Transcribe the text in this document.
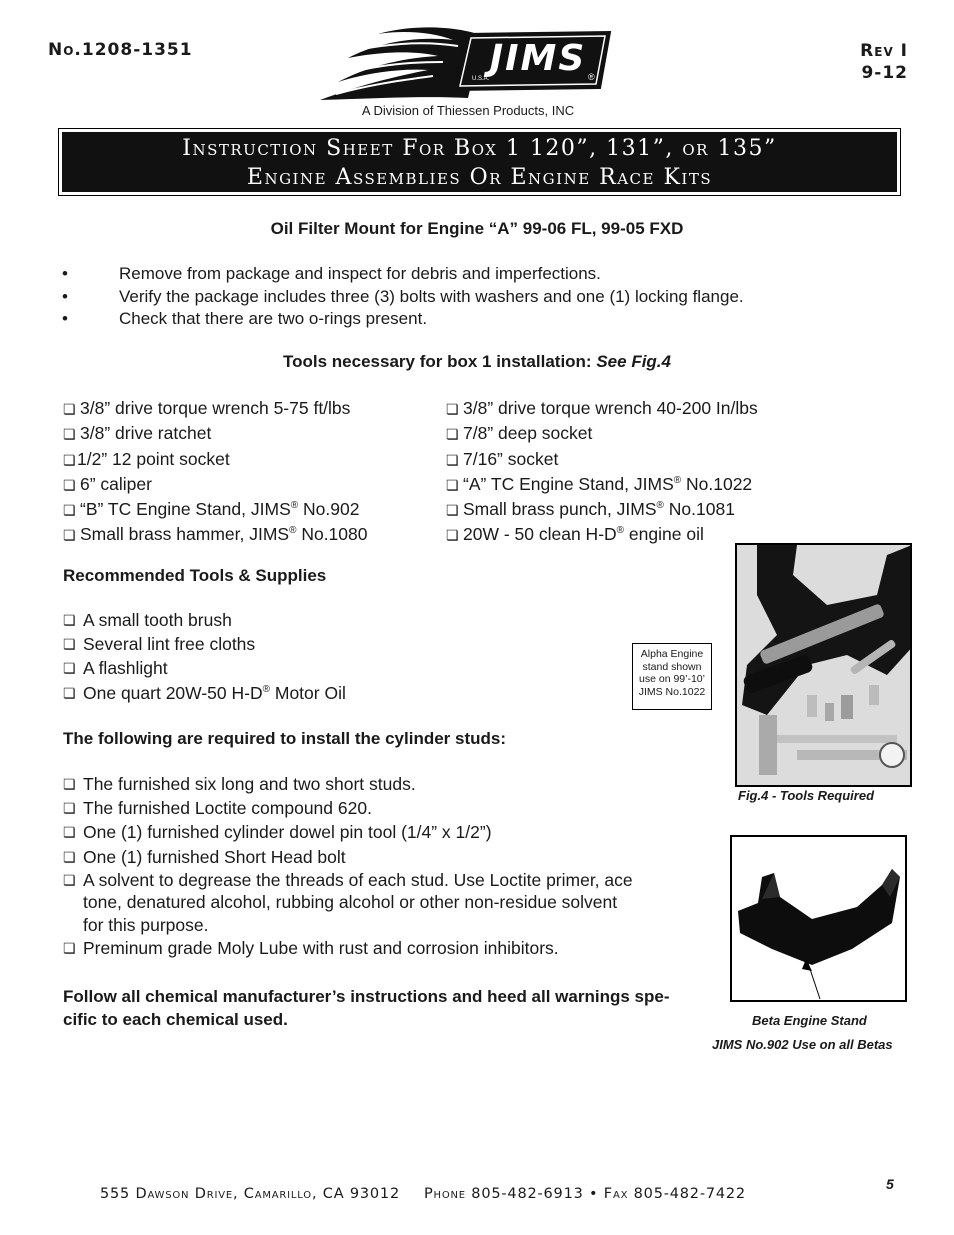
No.1208-1351	Rev I
9-12
JIMS
U.S.A.	®
A Division of Thiessen Products, INC
Instruction Sheet For Box 1 120”, 131”, or 135”
Engine Assemblies Or Engine Race Kits
Oil Filter Mount for Engine “A” 99-06 FL, 99-05 FXD
• Remove from package and inspect for debris and imperfections.
• Verify the package includes three (3) bolts with washers and one (1) locking flange.
• Check that there are two o-rings present.
Tools necessary for box 1 installation: See Fig.4
❏ 3/8” drive torque wrench 5-75 ft/lbs
❏ 3/8” drive ratchet
❏1/2” 12 point socket
❏ 6” caliper
❏ “B” TC Engine Stand, JIMS® No.902
❏ Small brass hammer, JIMS® No.1080
❏ 3/8” drive torque wrench 40-200 In/lbs
❏ 7/8” deep socket
❏ 7/16” socket
❏ “A” TC Engine Stand, JIMS® No.1022
❏ Small brass punch, JIMS® No.1081
❏ 20W - 50 clean H-D® engine oil
Recommended Tools & Supplies
❏ A small tooth brush
❏ Several lint free cloths
❏ A flashlight
❏ One quart 20W-50 H-D® Motor Oil
The following are required to install the cylinder studs:
❏ The furnished six long and two short studs.
❏ The furnished Loctite compound 620.
❏ One (1) furnished cylinder dowel pin tool (1/4” x 1/2”)
❏ One (1) furnished Short Head bolt
❏ A solvent to degrease the threads of each stud. Use Loctite primer, ace
tone, denatured alcohol, rubbing alcohol or other non-residue solvent
for this purpose.
❏ Preminum grade Moly Lube with rust and corrosion inhibitors.
Follow all chemical manufacturer’s instructions and heed all warnings spe-
cific to each chemical used.
Alpha Engine
stand shown
use on 99’-10’
JIMS No.1022
Fig.4 - Tools Required
Beta Engine Stand
JIMS No.902 Use on all Betas
555 Dawson Drive, Camarillo, CA 93012 Phone 805-482-6913 • Fax 805-482-7422
5
